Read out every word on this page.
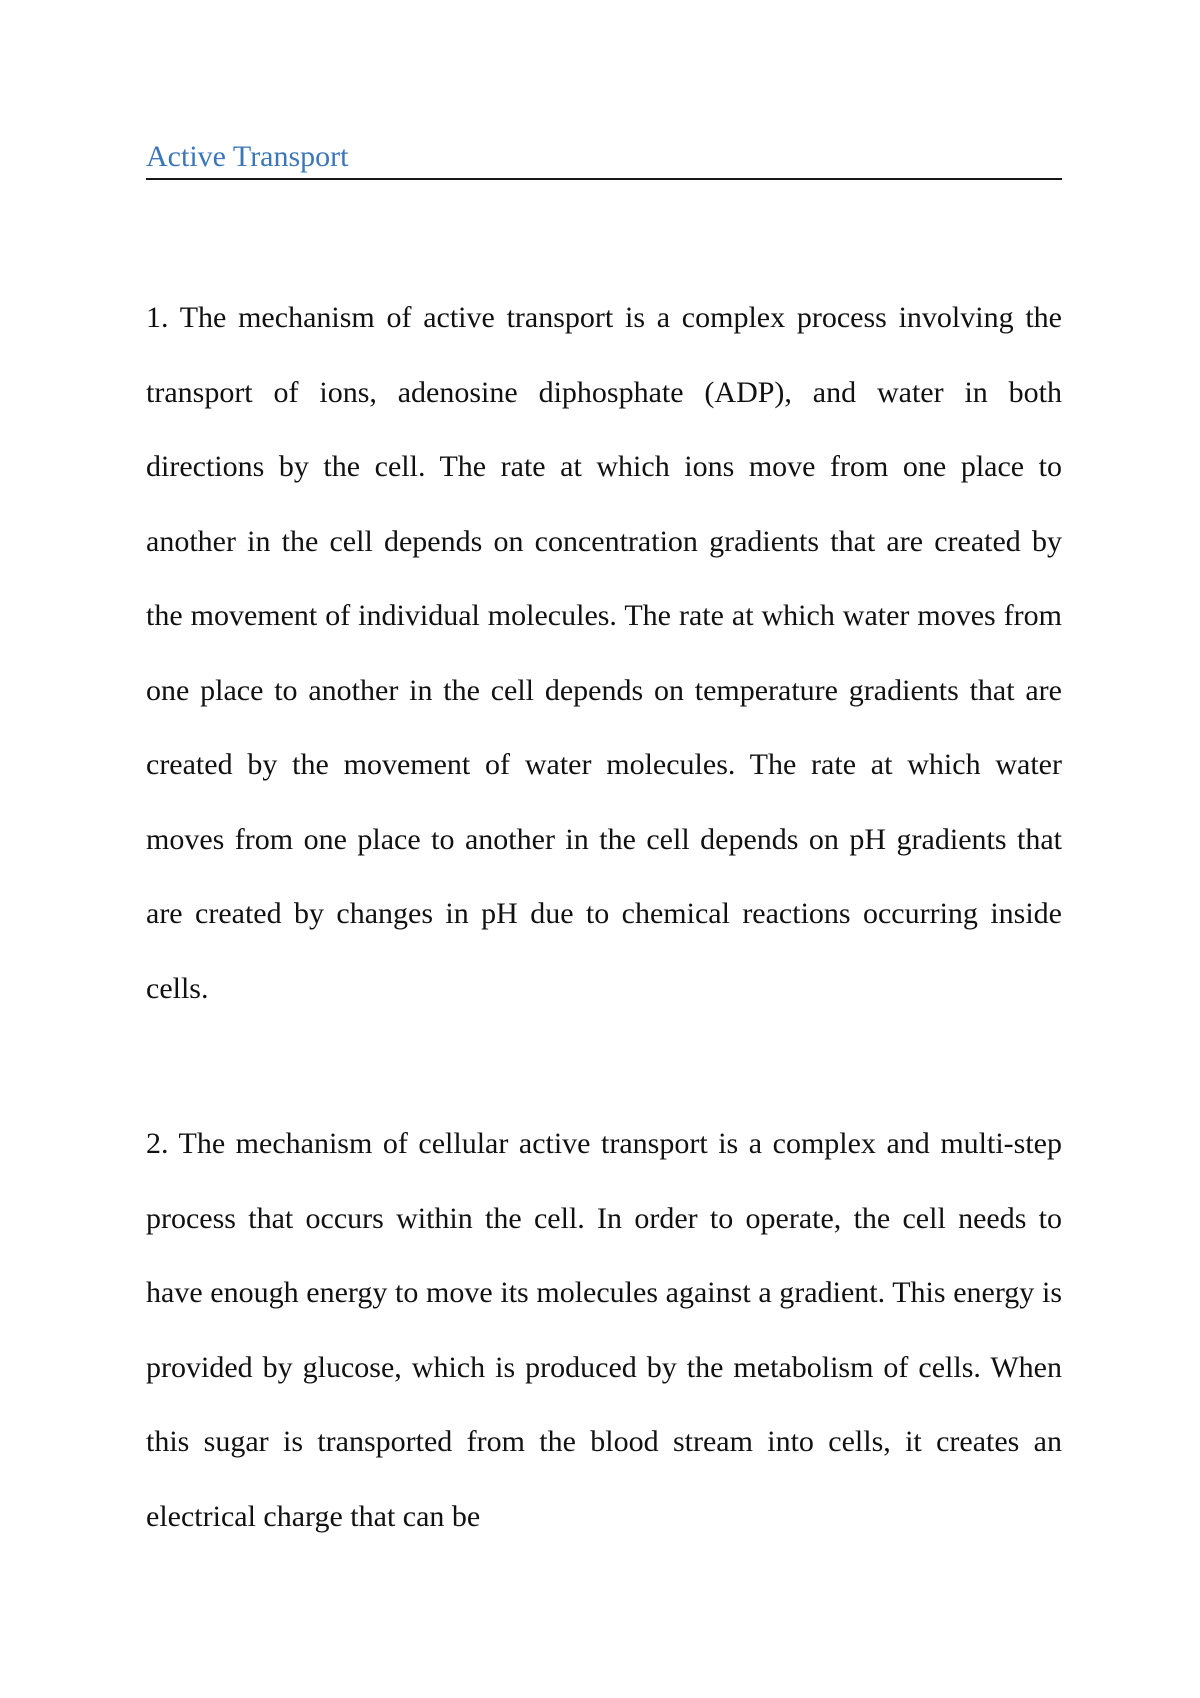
Active Transport

1. The mechanism of active transport is a complex process involving the transport of ions, adenosine diphosphate (ADP), and water in both directions by the cell. The rate at which ions move from one place to another in the cell depends on concentration gradients that are created by the movement of individual molecules. The rate at which water moves from one place to another in the cell depends on temperature gradients that are created by the movement of water molecules. The rate at which water moves from one place to another in the cell depends on pH gradients that are created by changes in pH due to chemical reactions occurring inside cells.

2. The mechanism of cellular active transport is a complex and multi-step process that occurs within the cell. In order to operate, the cell needs to have enough energy to move its molecules against a gradient. This energy is provided by glucose, which is produced by the metabolism of cells. When this sugar is transported from the blood stream into cells, it creates an electrical charge that can be
